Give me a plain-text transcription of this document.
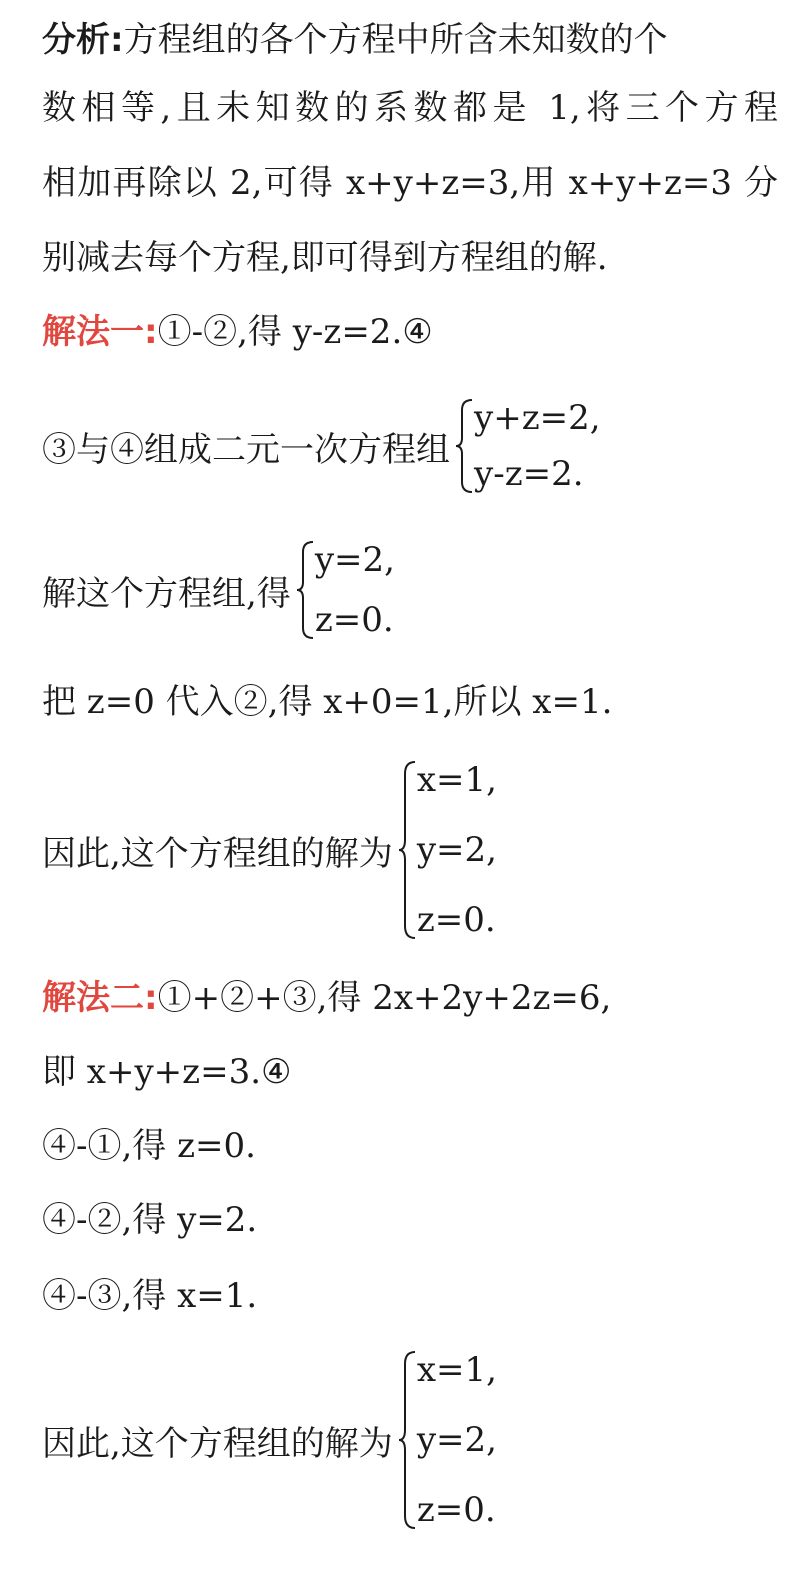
分析:方程组的各个方程中所含未知数的个
数相等,且未知数的系数都是 1,将三个方程
相加再除以 2,可得 x+y+z=3,用 x+y+z=3 分
别减去每个方程,即可得到方程组的解.
解法一:①-②,得 y-z=2.④
③与④组成二元一次方程组
y+z=2,
y-z=2.
解这个方程组,得
y=2,
z=0.
把 z=0 代入②,得 x+0=1,所以 x=1.
因此,这个方程组的解为
x=1,
y=2,
z=0.
解法二:①+②+③,得 2x+2y+2z=6,
即 x+y+z=3.④
④-①,得 z=0.
④-②,得 y=2.
④-③,得 x=1.
因此,这个方程组的解为
x=1,
y=2,
z=0.
